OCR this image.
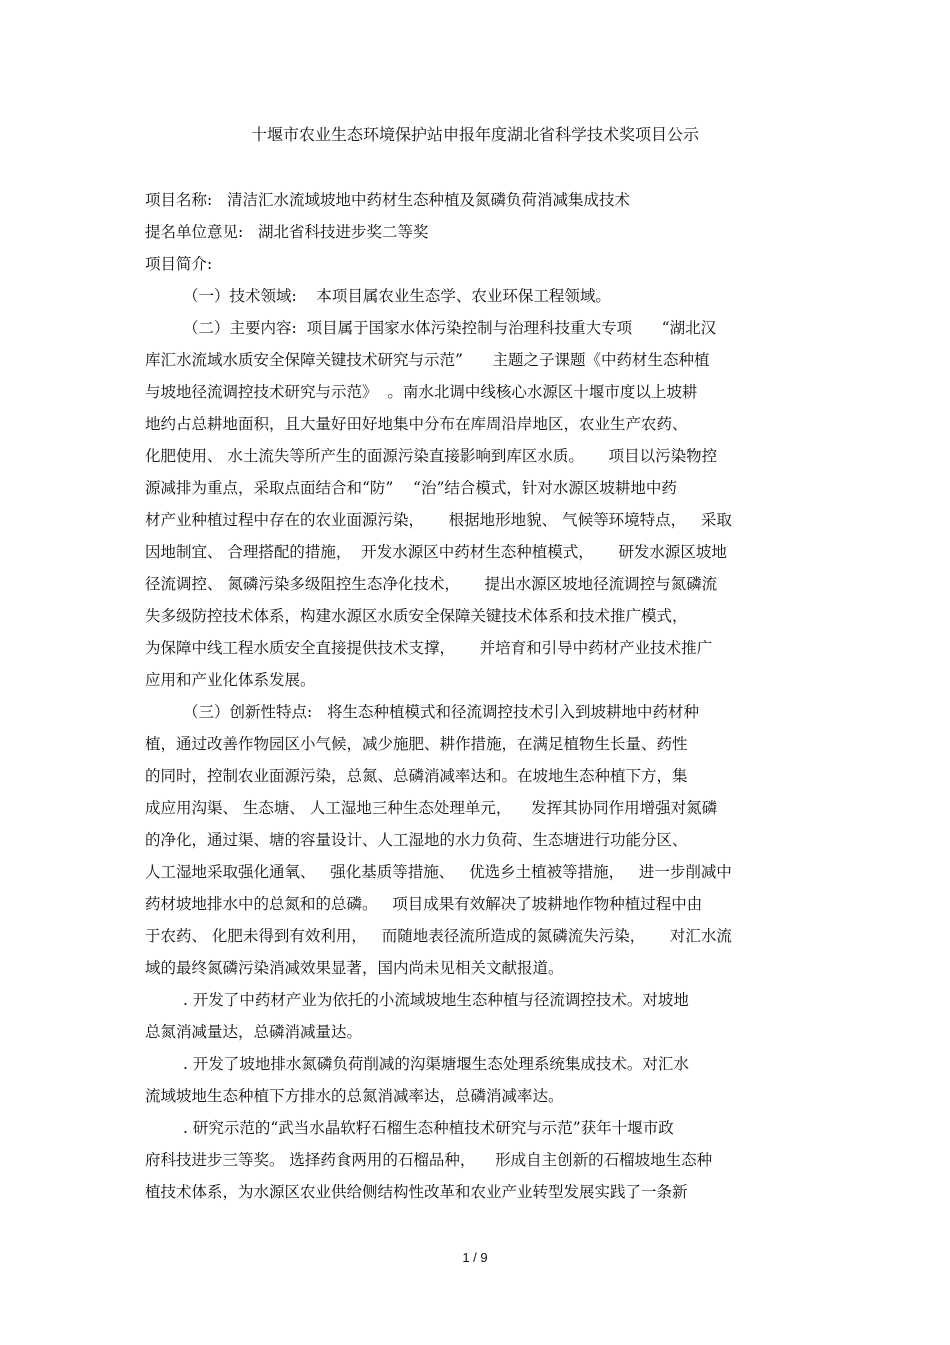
十堰市农业生态环境保护站申报年度湖北省科学技术奖项目公示
项目名称:   清洁汇水流域坡地中药材生态种植及氮磷负荷消减集成技术
提名单位意见:   湖北省科技进步奖二等奖
项目简介:
（一）技术领域:    本项目属农业生态学、农业环保工程领域。
（二）主要内容:  项目属于国家水体污染控制与治理科技重大专项      “湖北汉
库汇水流域水质安全保障关键技术研究与示范”      主题之子课题《中药材生态种植
与坡地径流调控技术研究与示范》  。南水北调中线核心水源区十堰市度以上坡耕
地约占总耕地面积，且大量好田好地集中分布在库周沿岸地区，农业生产农药、
化肥使用、 水土流失等所产生的面源污染直接影响到库区水质。     项目以污染物控
源减排为重点，采取点面结合和“防”    “治”结合模式，针对水源区坡耕地中药
材产业种植过程中存在的农业面源污染，     根据地形地貌、 气候等环境特点，   采取
因地制宜、 合理搭配的措施，  开发水源区中药材生态种植模式，     研发水源区坡地
径流调控、 氮磷污染多级阻控生态净化技术，     提出水源区坡地径流调控与氮磷流
失多级防控技术体系，构建水源区水质安全保障关键技术体系和技术推广模式，
为保障中线工程水质安全直接提供技术支撑，     并培育和引导中药材产业技术推广
应用和产业化体系发展。
（三）创新性特点:   将生态种植模式和径流调控技术引入到坡耕地中药材种
植，通过改善作物园区小气候，减少施肥、耕作措施，在满足植物生长量、药性
的同时，控制农业面源污染，总氮、总磷消减率达和。在坡地生态种植下方，集
成应用沟渠、 生态塘、 人工湿地三种生态处理单元，    发挥其协同作用增强对氮磷
的净化，通过渠、塘的容量设计、人工湿地的水力负荷、生态塘进行功能分区、
人工湿地采取强化通氧、   强化基质等措施、   优选乡土植被等措施，   进一步削减中
药材坡地排水中的总氮和的总磷。   项目成果有效解决了坡耕地作物种植过程中由
于农药、 化肥未得到有效利用，   而随地表径流所造成的氮磷流失污染，     对汇水流
域的最终氮磷污染消减效果显著，国内尚未见相关文献报道。
. 开发了中药材产业为依托的小流域坡地生态种植与径流调控技术。对坡地
总氮消减量达，总磷消减量达。
. 开发了坡地排水氮磷负荷削减的沟渠塘堰生态处理系统集成技术。对汇水
流域坡地生态种植下方排水的总氮消减率达，总磷消减率达。
. 研究示范的“武当水晶软籽石榴生态种植技术研究与示范”获年十堰市政
府科技进步三等奖。 选择药食两用的石榴品种，    形成自主创新的石榴坡地生态种
植技术体系，为水源区农业供给侧结构性改革和农业产业转型发展实践了一条新
1 / 9
